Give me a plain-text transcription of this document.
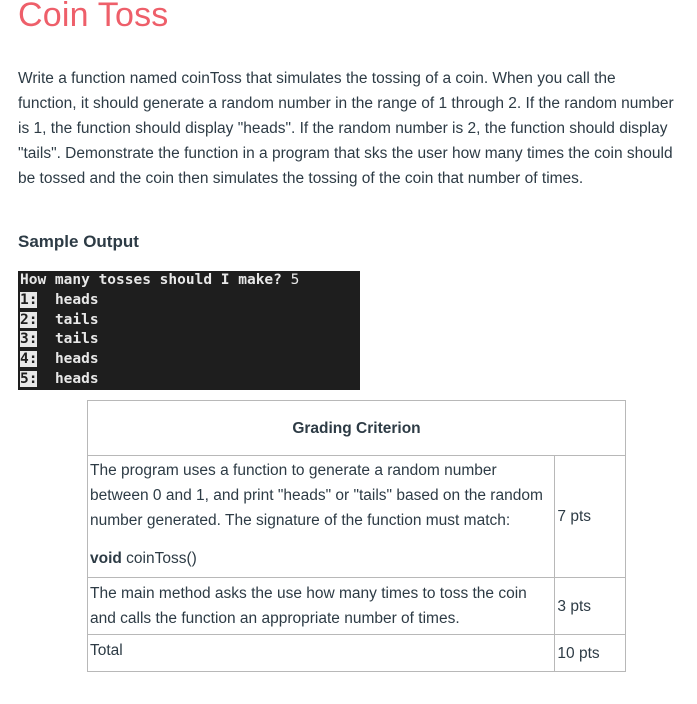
Coin Toss

Write a function named coinToss that simulates the tossing of a coin. When you call the function, it should generate a random number in the range of 1 through 2. If the random number is 1, the function should display "heads". If the random number is 2, the function should display "tails". Demonstrate the function in a program that sks the user how many times the coin should be tossed and the coin then simulates the tossing of the coin that number of times.

Sample Output
How many tosses should I make? 5
1: heads
2: tails
3: tails
4: heads
5: heads
Grading Criterion	
The program uses a function to generate a random number between 0 and 1, and print "heads" or "tails" based on the random number generated. The signature of the function must match:
void coinToss()	7 pts
The main method asks the use how many times to toss the coin and calls the function an appropriate number of times.	3 pts
Total	10 pts
